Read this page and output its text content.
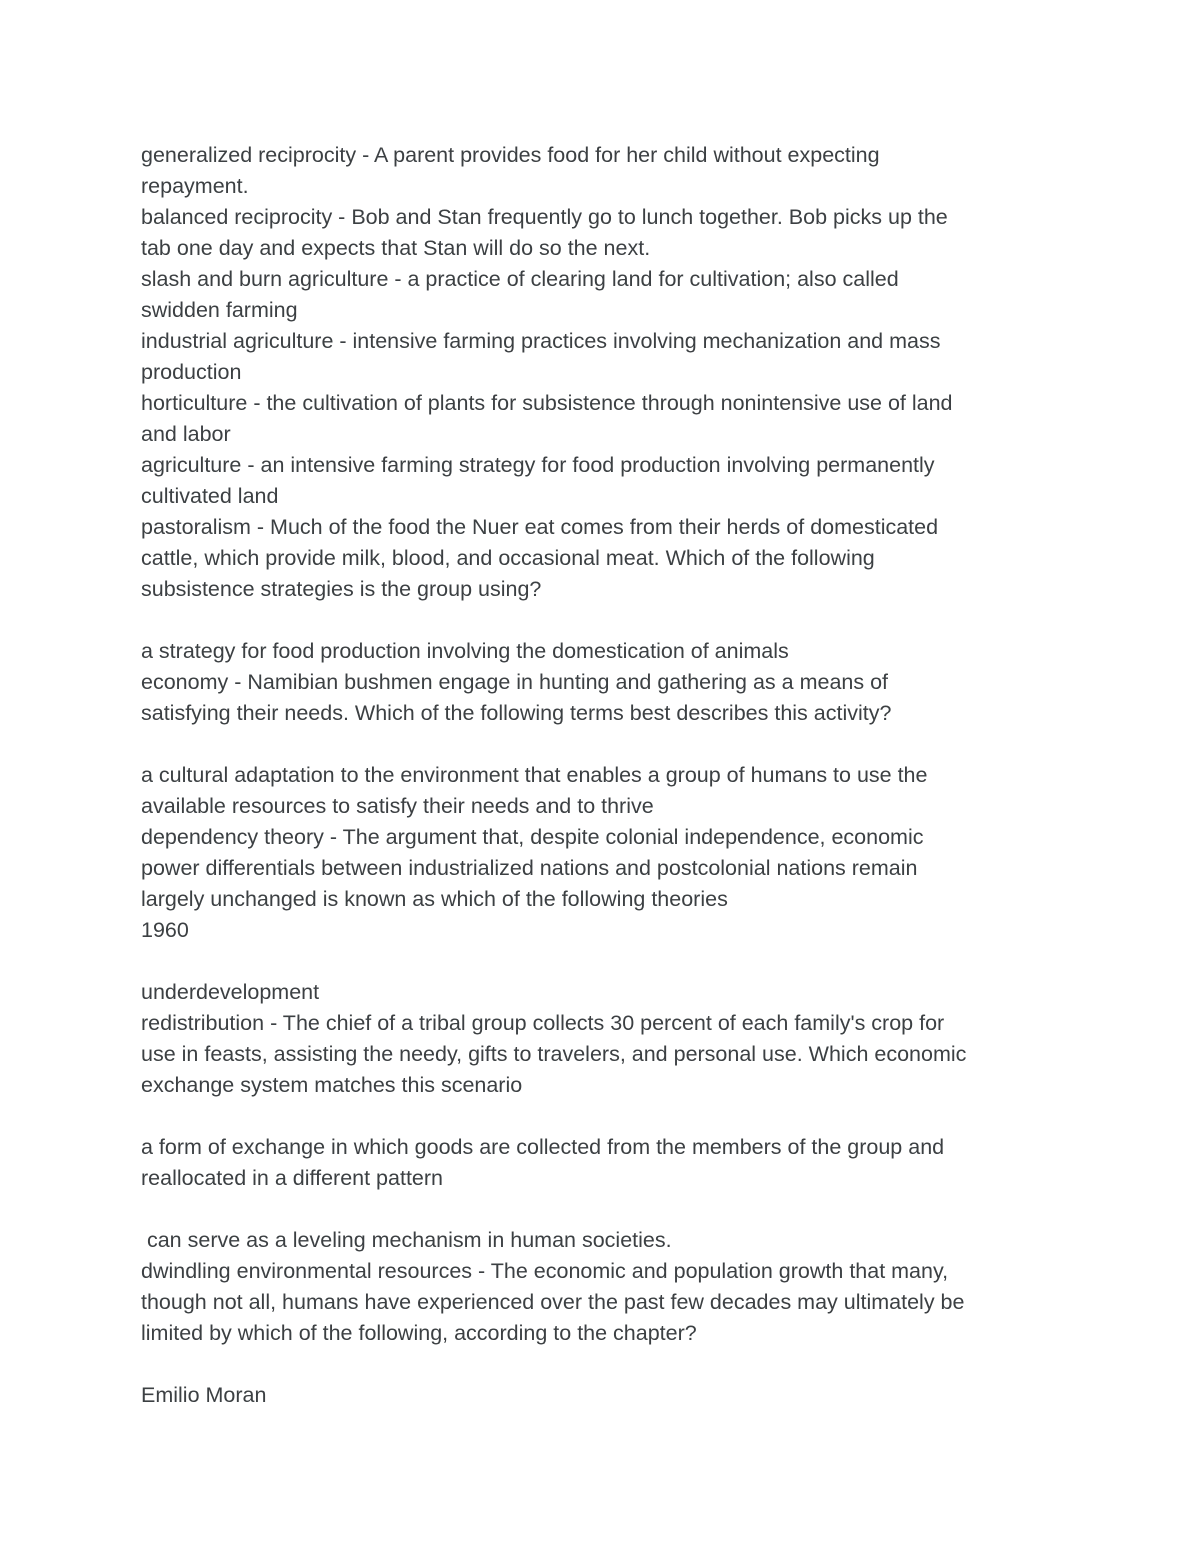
generalized reciprocity - A parent provides food for her child without expecting
repayment.
balanced reciprocity - Bob and Stan frequently go to lunch together. Bob picks up the
tab one day and expects that Stan will do so the next.
slash and burn agriculture - a practice of clearing land for cultivation; also called
swidden farming
industrial agriculture - intensive farming practices involving mechanization and mass
production
horticulture - the cultivation of plants for subsistence through nonintensive use of land
and labor
agriculture - an intensive farming strategy for food production involving permanently
cultivated land
pastoralism - Much of the food the Nuer eat comes from their herds of domesticated
cattle, which provide milk, blood, and occasional meat. Which of the following
subsistence strategies is the group using?
a strategy for food production involving the domestication of animals
economy - Namibian bushmen engage in hunting and gathering as a means of
satisfying their needs. Which of the following terms best describes this activity?
a cultural adaptation to the environment that enables a group of humans to use the
available resources to satisfy their needs and to thrive
dependency theory - The argument that, despite colonial independence, economic
power differentials between industrialized nations and postcolonial nations remain
largely unchanged is known as which of the following theories
1960
underdevelopment
redistribution - The chief of a tribal group collects 30 percent of each family's crop for
use in feasts, assisting the needy, gifts to travelers, and personal use. Which economic
exchange system matches this scenario
a form of exchange in which goods are collected from the members of the group and
reallocated in a different pattern
can serve as a leveling mechanism in human societies.
dwindling environmental resources - The economic and population growth that many,
though not all, humans have experienced over the past few decades may ultimately be
limited by which of the following, according to the chapter?
Emilio Moran
